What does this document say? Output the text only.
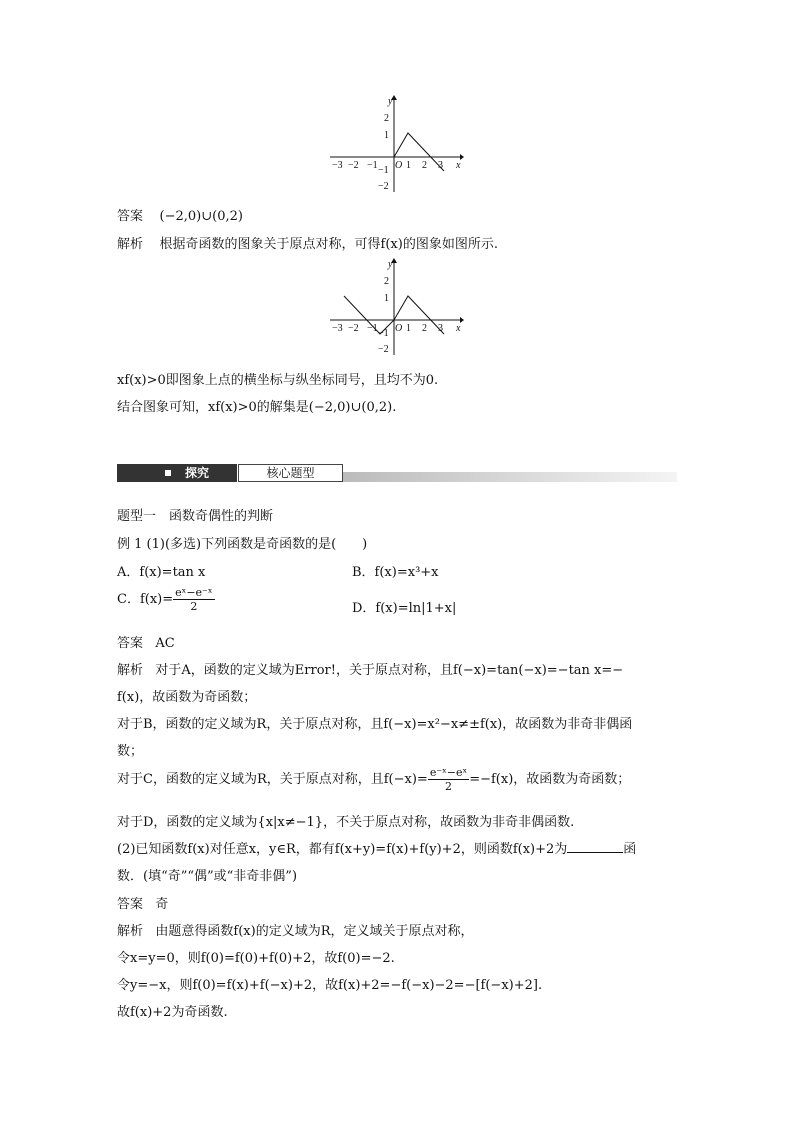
y
x
O
−3 −2 −1	1 2 3
2
1
−1
−2
答案 (−2,0)∪(0,2)
解析 根据奇函数的图象关于原点对称，可得f(x)的图象如图所示.
y
x
O
−3 −2 −1	1 2 3
2
1
−1
−2
xf(x)>0即图象上点的横坐标与纵坐标同号，且均不为0.
结合图象可知，xf(x)>0的解集是(−2,0)∪(0,2).
探究	核心题型
题型一　函数奇偶性的判断
例 1 (1)(多选)下列函数是奇函数的是(　　)
A．f(x)=tan x	B．f(x)=x³+x
C．$f(x)= \frac{\text{eˣ−e⁻ˣ}}{2}$	D．f(x)=ln|1+x|
答案 AC
解析 对于A，函数的定义域为Error!，关于原点对称，且f(−x)=tan(−x)=−tan x=−
f(x)，故函数为奇函数；
对于B，函数的定义域为R，关于原点对称，且f(−x)=x²−x≠±f(x)，故函数为非奇非偶函
数；
对于C，函数的定义域为R，关于原点对称，且$f(-x)= \frac{\text{e⁻ˣ−eˣ}}{2} =-f(x)$，故函数为奇函数；
对于D，函数的定义域为{x|x≠−1}，不关于原点对称，故函数为非奇非偶函数.
(2)已知函数f(x)对任意x，y∈R，都有f(x+y)=f(x)+f(y)+2，则函数f(x)+2为	函
数．(填“奇”“偶”或“非奇非偶”)
答案 奇
解析 由题意得函数f(x)的定义域为R，定义域关于原点对称，
令x=y=0，则f(0)=f(0)+f(0)+2，故f(0)=−2.
令y=−x，则f(0)=f(x)+f(−x)+2，故f(x)+2=−f(−x)−2=−[f(−x)+2].
故f(x)+2为奇函数.
